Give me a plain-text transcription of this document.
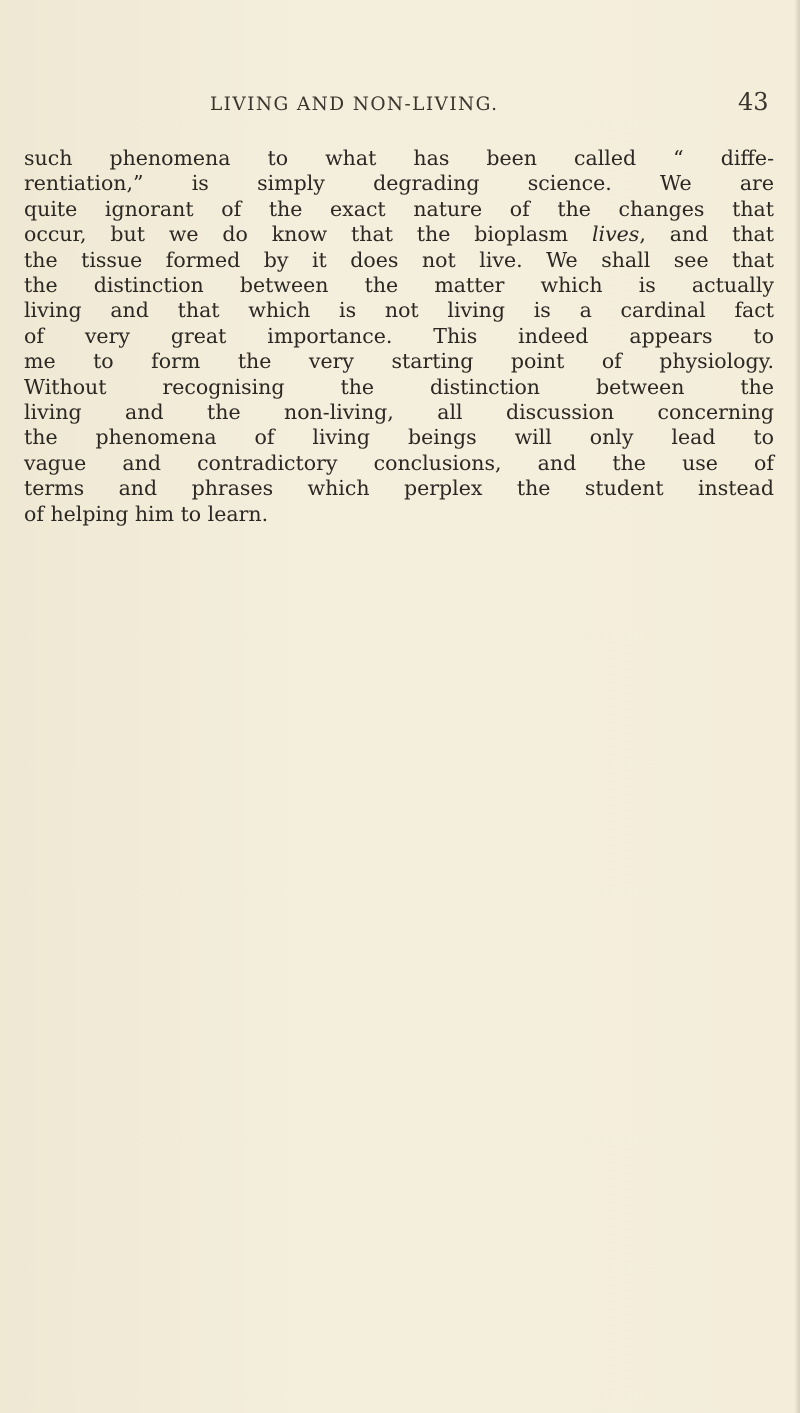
LIVING AND NON-LIVING.	43
such phenomena to what has been called “ diffe-
rentiation,” is simply degrading science. We are
quite ignorant of the exact nature of the changes that
occur, but we do know that the bioplasm lives, and that
the tissue formed by it does not live. We shall see that
the distinction between the matter which is actually
living and that which is not living is a cardinal fact
of very great importance. This indeed appears to
me to form the very starting point of physiology.
Without recognising the distinction between the
living and the non-living, all discussion concerning
the phenomena of living beings will only lead to
vague and contradictory conclusions, and the use of
terms and phrases which perplex the student instead
of helping him to learn.
